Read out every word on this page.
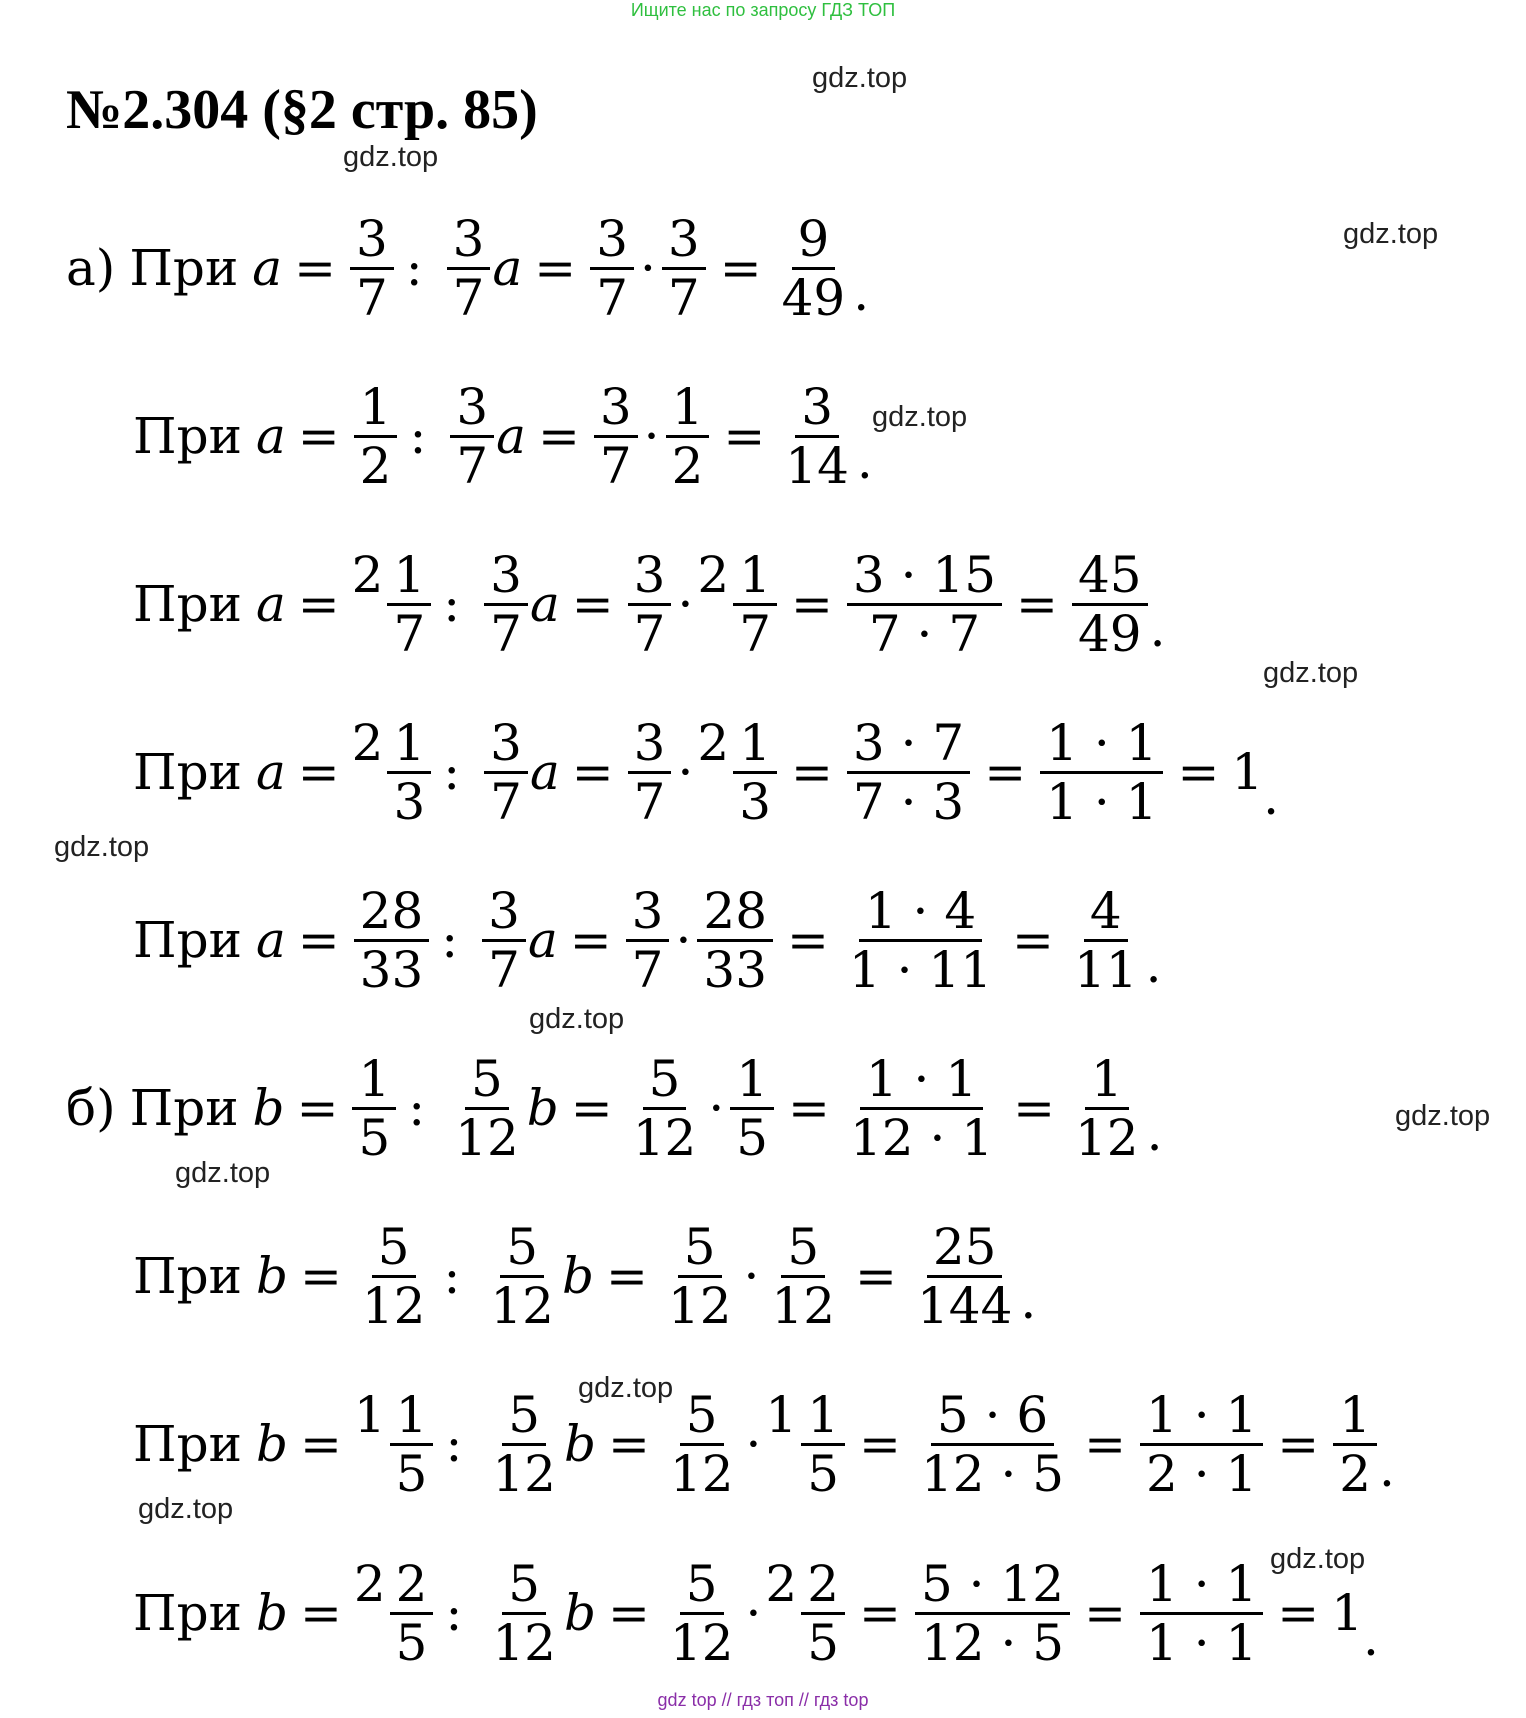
Ищите нас по запросу ГДЗ ТОП
№2.304 (§2 стр. 85)
gdz.top
gdz.top
gdz.top
gdz.top
gdz.top
gdz.top
gdz.top
gdz.top
gdz.top
gdz.top
gdz.top
gdz.top
а) При $a = \frac{3}{7}$ : $\frac{3}{7}$ $a = \frac{3}{7} \cdot \frac{3}{7} = \frac{9}{49}$ .
При $a = \frac{1}{2}$ : $\frac{3}{7}$ $a = \frac{3}{7} \cdot \frac{1}{2} = \frac{3}{14}$ .
При $a = 2 \frac{1}{7}$ : $\frac{3}{7}$ $a = \frac{3}{7} \cdot 2 \frac{1}{7} = \frac{3 \cdot 15}{7 \cdot 7} = \frac{45}{49}$ .
При $a = 2 \frac{1}{3}$ : $\frac{3}{7}$ $a = \frac{3}{7} \cdot 2 \frac{1}{3} = \frac{3 \cdot 7}{7 \cdot 3} = \frac{1 \cdot 1}{1 \cdot 1} = 1$ .
При $a = \frac{28}{33}$ : $\frac{3}{7}$ $a = \frac{3}{7} \cdot \frac{28}{33} = \frac{1 \cdot 4}{1 \cdot 11} = \frac{4}{11}$ .
б) При $b = \frac{1}{5}$ : $\frac{5}{12}$ $b = \frac{5}{12} \cdot \frac{1}{5} = \frac{1 \cdot 1}{12 \cdot 1} = \frac{1}{12}$ .
При $b = \frac{5}{12}$ : $\frac{5}{12}$ $b = \frac{5}{12} \cdot \frac{5}{12} = \frac{25}{144}$ .
При $b = 1 \frac{1}{5}$ : $\frac{5}{12}$ $b = \frac{5}{12} \cdot 1 \frac{1}{5} = \frac{5 \cdot 6}{12 \cdot 5} = \frac{1 \cdot 1}{2 \cdot 1} = \frac{1}{2}$ .
При $b = 2 \frac{2}{5}$ : $\frac{5}{12}$ $b = \frac{5}{12} \cdot 2 \frac{2}{5} = \frac{5 \cdot 12}{12 \cdot 5} = \frac{1 \cdot 1}{1 \cdot 1} = 1$ .
gdz top // гдз топ // гдз top
